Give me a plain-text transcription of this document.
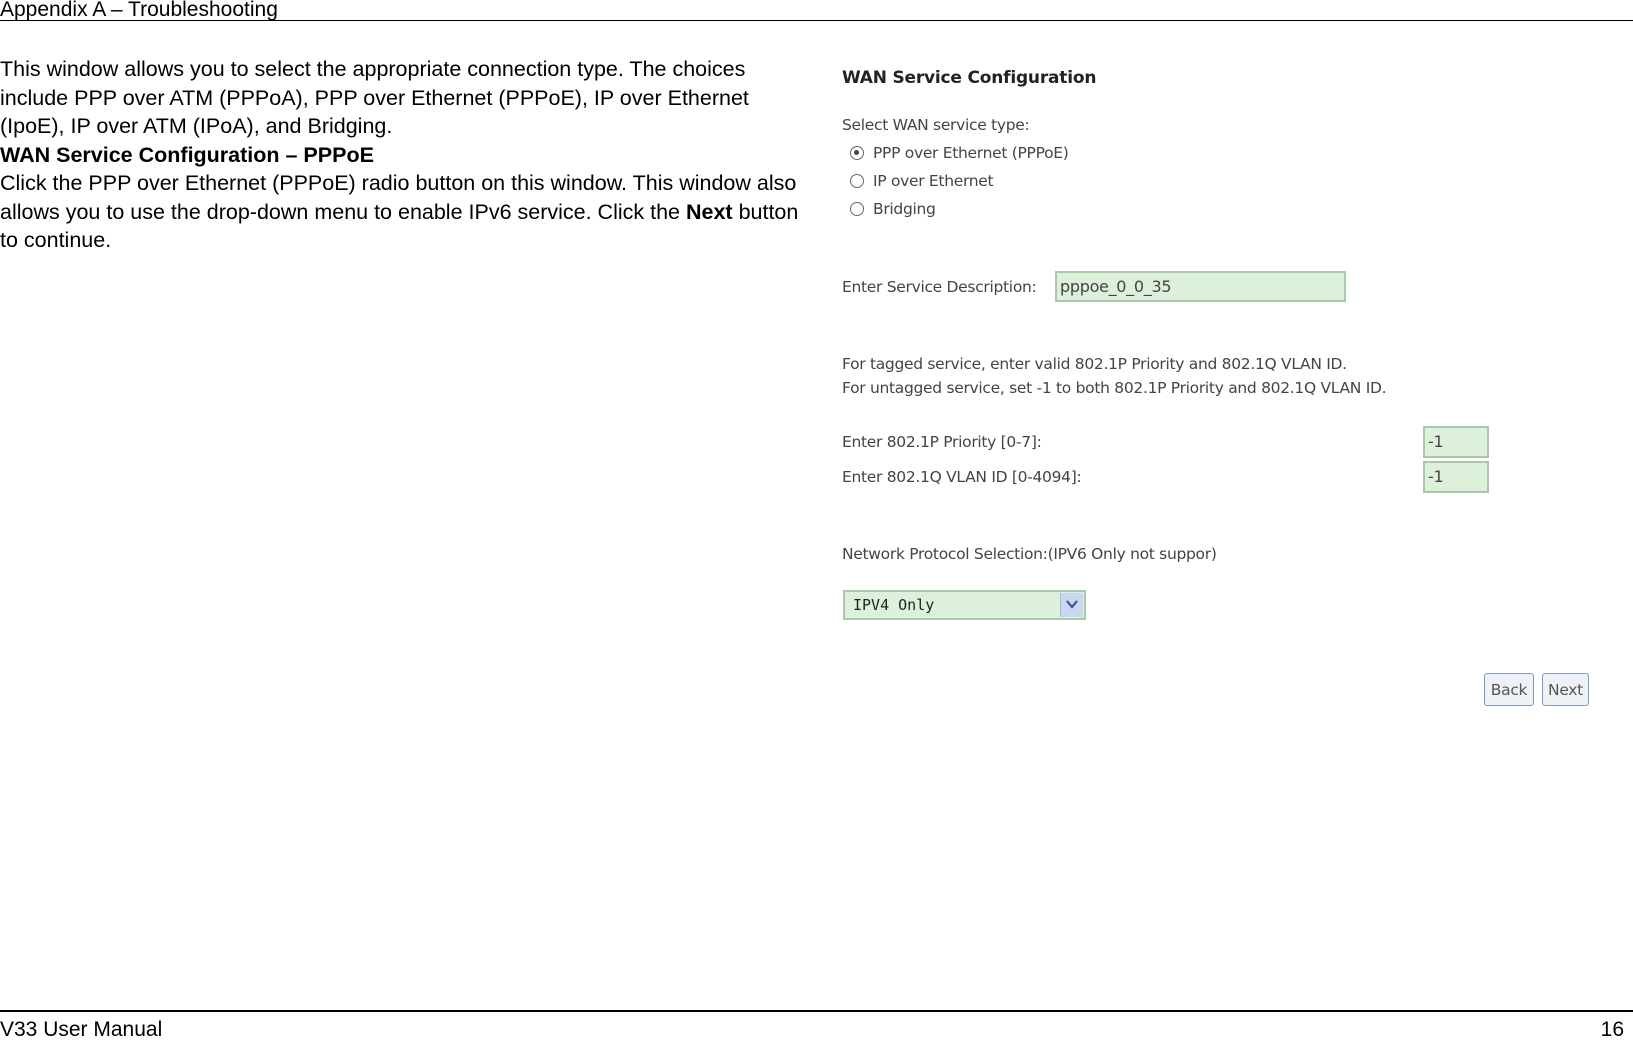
Appendix A – Troubleshooting

This window allows you to select the appropriate connection type. The choices include PPP over ATM (PPPoA), PPP over Ethernet (PPPoE), IP over Ethernet (IpoE), IP over ATM (IPoA), and Bridging.

WAN Service Configuration – PPPoE

Click the PPP over Ethernet (PPPoE) radio button on this window. This window also allows you to use the drop-down menu to enable IPv6 service. Click the Next button to continue.

WAN Service Configuration
Select WAN service type:
PPP over Ethernet (PPPoE)
IP over Ethernet
Bridging
Enter Service Description:	pppoe_0_0_35
For tagged service, enter valid 802.1P Priority and 802.1Q VLAN ID.
For untagged service, set -1 to both 802.1P Priority and 802.1Q VLAN ID.
Enter 802.1P Priority [0-7]:	-1
Enter 802.1Q VLAN ID [0-4094]:	-1
Network Protocol Selection:(IPV6 Only not suppor)
IPV4 Only
Back	Next
V33 User Manual	16
